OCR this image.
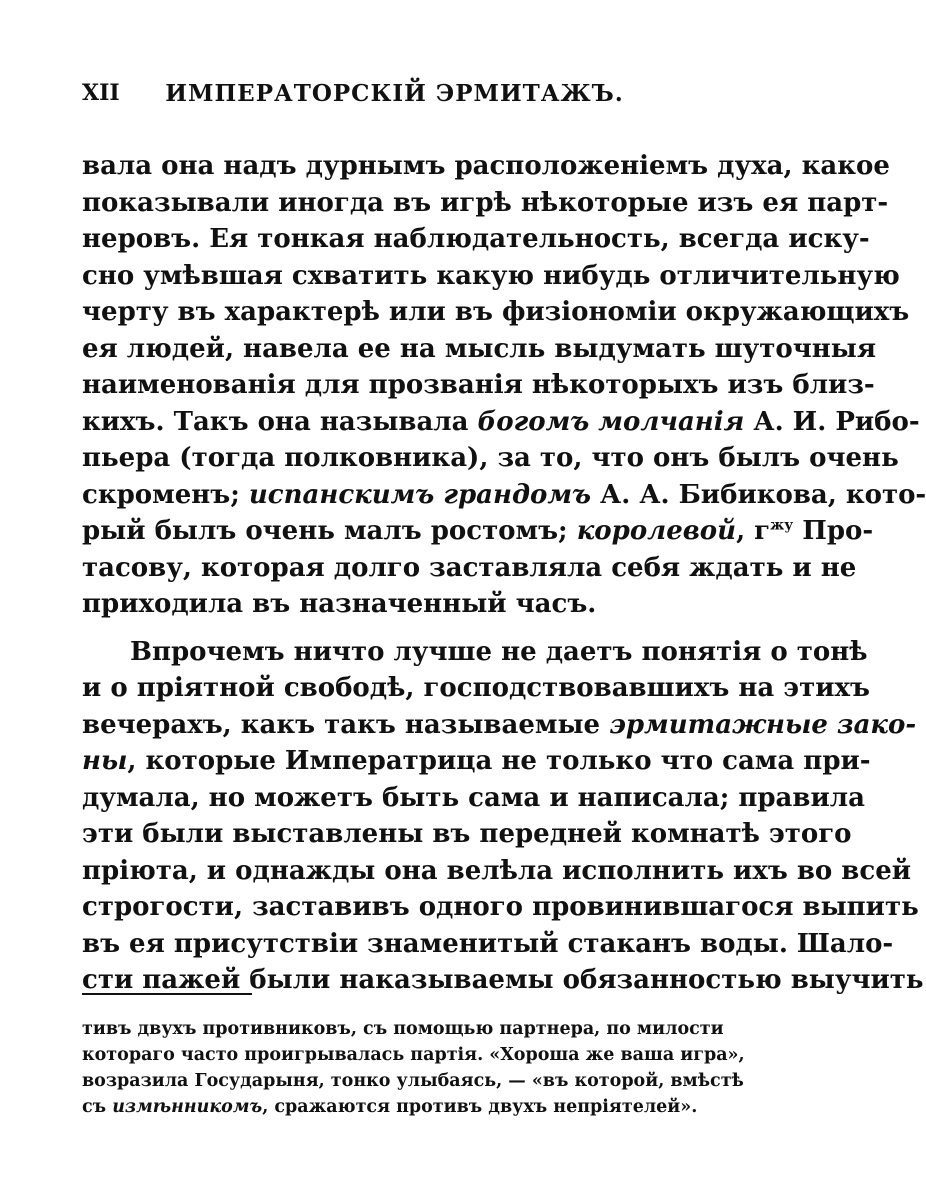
XII	ИМПЕРАТОРСКІЙ ЭРМИТАЖЪ.
вала она надъ дурнымъ расположеніемъ духа, какое
показывали иногда въ игрѣ нѣкоторые изъ ея парт-
неровъ. Ея тонкая наблюдательность, всегда иску-
сно умѣвшая схватить какую нибудь отличительную
черту въ характерѣ или въ физіономіи окружающихъ
ея людей, навела ее на мысль выдумать шуточныя
наименованія для прозванія нѣкоторыхъ изъ близ-
кихъ. Такъ она называла богомъ молчанія А. И. Рибо-
пьера (тогда полковника), за то, что онъ былъ очень
скроменъ; испанскимъ грандомъ А. А. Бибикова, кото-
рый былъ очень малъ ростомъ; королевой, $г^{жу}$ Про-
тасову, которая долго заставляла себя ждать и не
приходила въ назначенный часъ.
Впрочемъ ничто лучше не даетъ понятія о тонѣ
и о пріятной свободѣ, господствовавшихъ на этихъ
вечерахъ, какъ такъ называемые эрмитажные зако-
ны, которые Императрица не только что сама при-
думала, но можетъ быть сама и написала; правила
эти были выставлены въ передней комнатѣ этого
пріюта, и однажды она велѣла исполнить ихъ во всей
строгости, заставивъ одного провинившагося выпить
въ ея присутствіи знаменитый стаканъ воды. Шало-
сти пажей были наказываемы обязанностью выучить
тивъ двухъ противниковъ, съ помощью партнера, по милости
котораго часто проигрывалась партія. «Хороша же ваша игра»,
возразила Государыня, тонко улыбаясь, — «въ которой, вмѣстѣ
съ измѣнникомъ, сражаются противъ двухъ непріятелей».
